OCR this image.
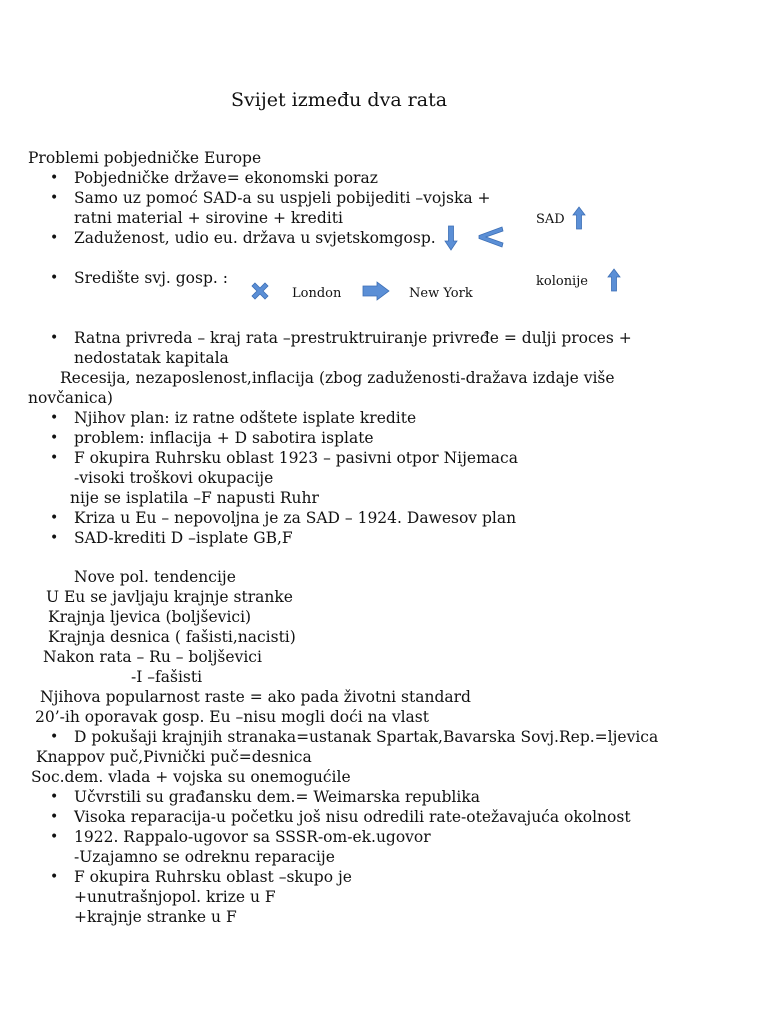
Svijet između dva rata
Problemi pobjedničke Europe
• Pobjedničke države= ekonomski poraz
• Samo uz pomoć SAD-a su uspjeli pobijediti –vojska +
ratni material + sirovine + krediti
• Zaduženost, udio eu. država u svjetskomgosp.
• Središte svj. gosp. :
• Ratna privreda – kraj rata –prestruktruiranje privređe = dulji proces +
nedostatak kapitala
Recesija, nezaposlenost,inflacija (zbog zaduženosti-dražava izdaje više
novčanica)
• Njihov plan: iz ratne odštete isplate kredite
• problem: inflacija + D sabotira isplate
• F okupira Ruhrsku oblast 1923 – pasivni otpor Nijemaca
-visoki troškovi okupacije
nije se isplatila –F napusti Ruhr
• Kriza u Eu – nepovoljna je za SAD – 1924. Dawesov plan
• SAD-krediti D –isplate GB,F
Nove pol. tendencije
U Eu se javljaju krajnje stranke
Krajnja ljevica (boljševici)
Krajnja desnica ( fašisti,nacisti)
Nakon rata – Ru – boljševici
-I –fašisti
Njihova popularnost raste = ako pada životni standard
20’-ih oporavak gosp. Eu –nisu mogli doći na vlast
• D pokušaji krajnjih stranaka=ustanak Spartak,Bavarska Sovj.Rep.=ljevica
Knappov puč,Pivnički puč=desnica
Soc.dem. vlada + vojska su onemogućile
• Učvrstili su građansku dem.= Weimarska republika
• Visoka reparacija-u početku još nisu odredili rate-otežavajuća okolnost
• 1922. Rappalo-ugovor sa SSSR-om-ek.ugovor
-Uzajamno se odreknu reparacije
• F okupira Ruhrsku oblast –skupo je
+unutrašnjopol. krize u F
+krajnje stranke u F
SAD
kolonije
London	New York
